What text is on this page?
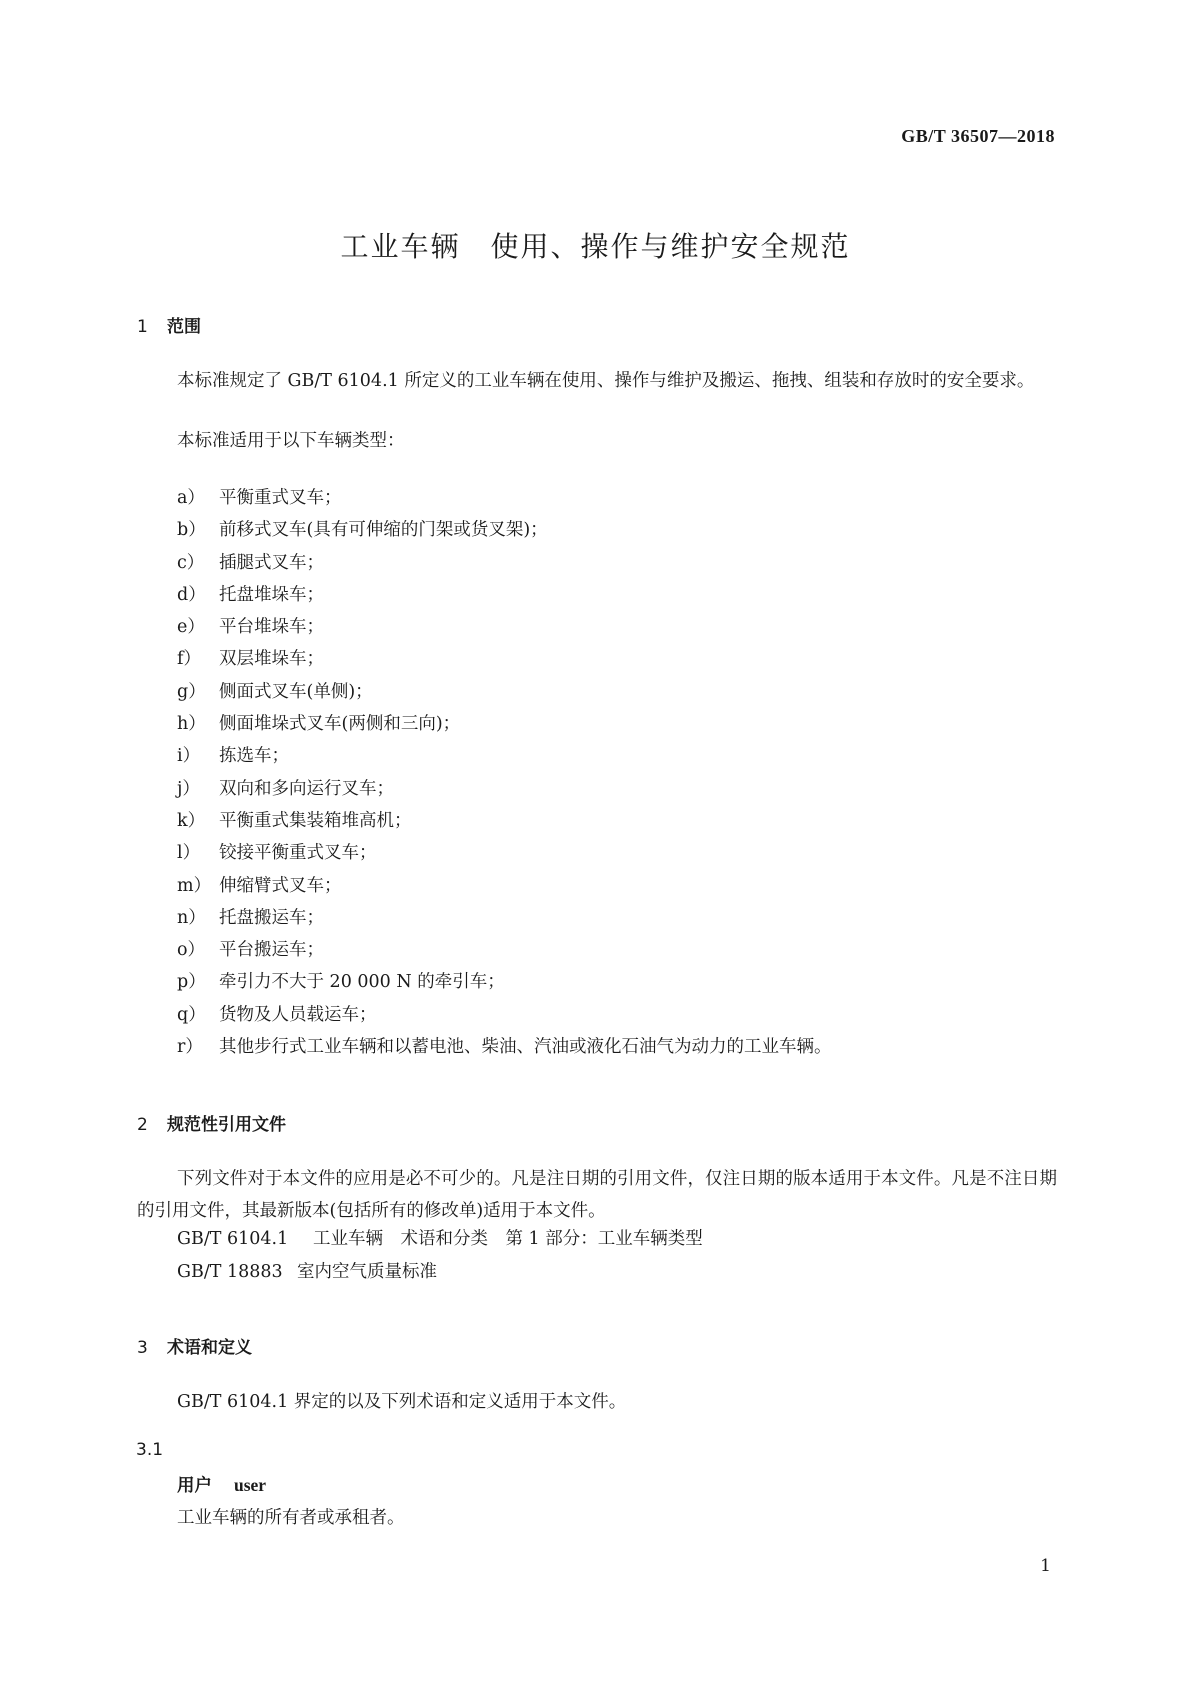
GB/T 36507—2018
工业车辆　使用、操作与维护安全规范
1 范围
本标准规定了 GB/T 6104.1 所定义的工业车辆在使用、操作与维护及搬运、拖拽、组装和存放时的安全要求。
本标准适用于以下车辆类型：
a） 平衡重式叉车；
b） 前移式叉车(具有可伸缩的门架或货叉架)；
c） 插腿式叉车；
d） 托盘堆垛车；
e） 平台堆垛车；
f） 双层堆垛车；
g） 侧面式叉车(单侧)；
h） 侧面堆垛式叉车(两侧和三向)；
i） 拣选车；
j） 双向和多向运行叉车；
k） 平衡重式集装箱堆高机；
l） 铰接平衡重式叉车；
m） 伸缩臂式叉车；
n） 托盘搬运车；
o） 平台搬运车；
p） 牵引力不大于 20 000 N 的牵引车；
q） 货物及人员载运车；
r） 其他步行式工业车辆和以蓄电池、柴油、汽油或液化石油气为动力的工业车辆。
2 规范性引用文件
下列文件对于本文件的应用是必不可少的。凡是注日期的引用文件，仅注日期的版本适用于本文件。凡是不注日期的引用文件，其最新版本(包括所有的修改单)适用于本文件。
GB/T 6104.1 工业车辆　术语和分类　第 1 部分：工业车辆类型
GB/T 18883 室内空气质量标准
3 术语和定义
GB/T 6104.1 界定的以及下列术语和定义适用于本文件。
3.1
用户 user
工业车辆的所有者或承租者。
1
